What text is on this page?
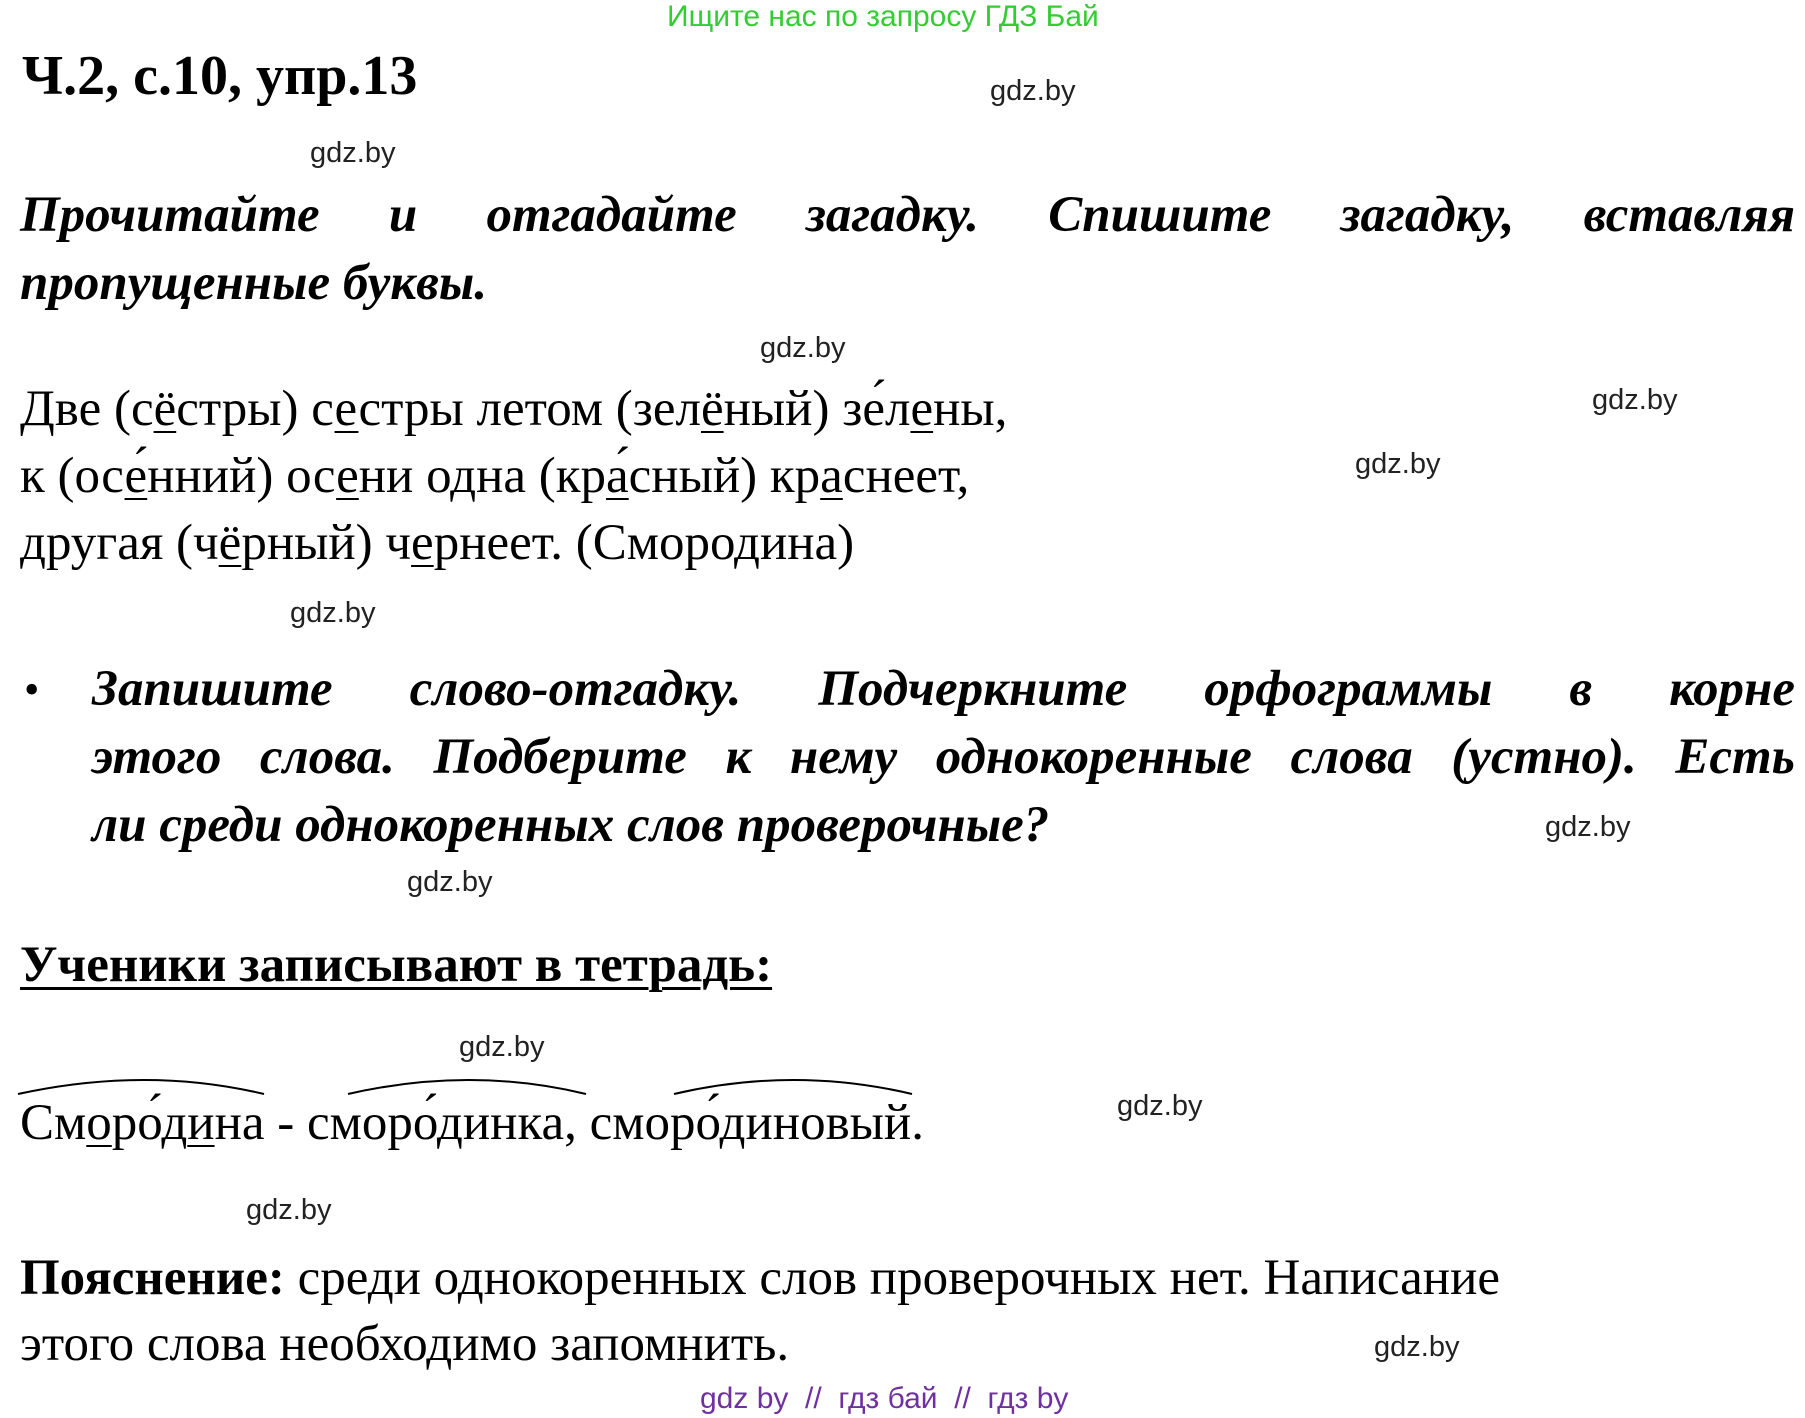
Ищите нас по запросу ГДЗ Бай
Ч.2, с.10, упр.13	gdz.by
gdz.by
gdz.by
gdz.by
gdz.by
gdz.by
gdz.by
gdz.by
gdz.by
gdz.by
gdz.by
gdz.by
Прочитайте и отгадайте загадку. Спишите загадку, вставляя
пропущенные буквы.
Две (сёстры) сестры летом (зелёный) зе́лены,
к (осе́нний) осени одна (кра́сный) краснеет,
другая (чёрный) чернеет. (Смородина)
• Запишите слово-отгадку. Подчеркните орфограммы в корне
этого слова. Подберите к нему однокоренные слова (устно). Есть
ли среди однокоренных слов проверочные?
Ученики записывают в тетрадь:
Сморо́дина - смoро́динка, смoро́диновый.
Пояснение: среди однокоренных слов проверочных нет. Написание
этого слова необходимо запомнить.
gdz by  //  гдз бай  //  гдз by
